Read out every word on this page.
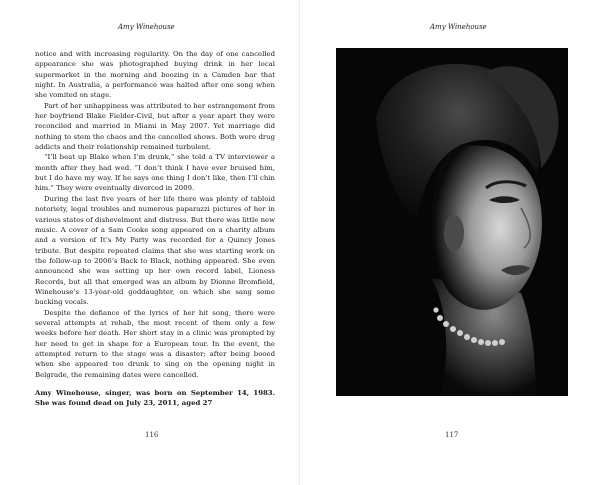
Amy Winehouse

notice and with increasing regularity. On the day of one cancelled appearance she was photographed buying drink in her local supermarket in the morning and boozing in a Camden bar that night. In Australia, a performance was halted after one song when she vomited on stage.

Part of her unhappiness was attributed to her estrangement from her boyfriend Blake Fielder-Civil, but after a year apart they were reconciled and married in Miami in May 2007. Yet marriage did nothing to stem the chaos and the cancelled shows. Both were drug addicts and their relationship remained turbulent.

“I’ll beat up Blake when I’m drunk,” she told a TV interviewer a month after they had wed. “I don’t think I have ever bruised him, but I do have my way. If he says one thing I don’t like, then I’ll chin him.” They were eventually divorced in 2009.

During the last five years of her life there was plenty of tabloid notoriety, legal troubles and numerous paparazzi pictures of her in various states of dishevelment and distress. But there was little new music. A cover of a Sam Cooke song appeared on a charity album and a version of It’s My Party was recorded for a Quincy Jones tribute. But despite repeated claims that she was starting work on the follow-up to 2006’s Back to Black, nothing appeared. She even announced she was setting up her own record label, Lioness Records, but all that emerged was an album by Dionne Bromfield, Winehouse’s 13-year-old goddaughter, on which she sang some backing vocals.

Despite the defiance of the lyrics of her hit song, there were several attempts at rehab, the most recent of them only a few weeks before her death. Her short stay in a clinic was prompted by her need to get in shape for a European tour. In the event, the attempted return to the stage was a disaster; after being booed when she appeared too drunk to sing on the opening night in Belgrade, the remaining dates were cancelled.

Amy Winehouse, singer, was born on September 14, 1983. She was found dead on July 23, 2011, aged 27

116
Amy Winehouse
117
